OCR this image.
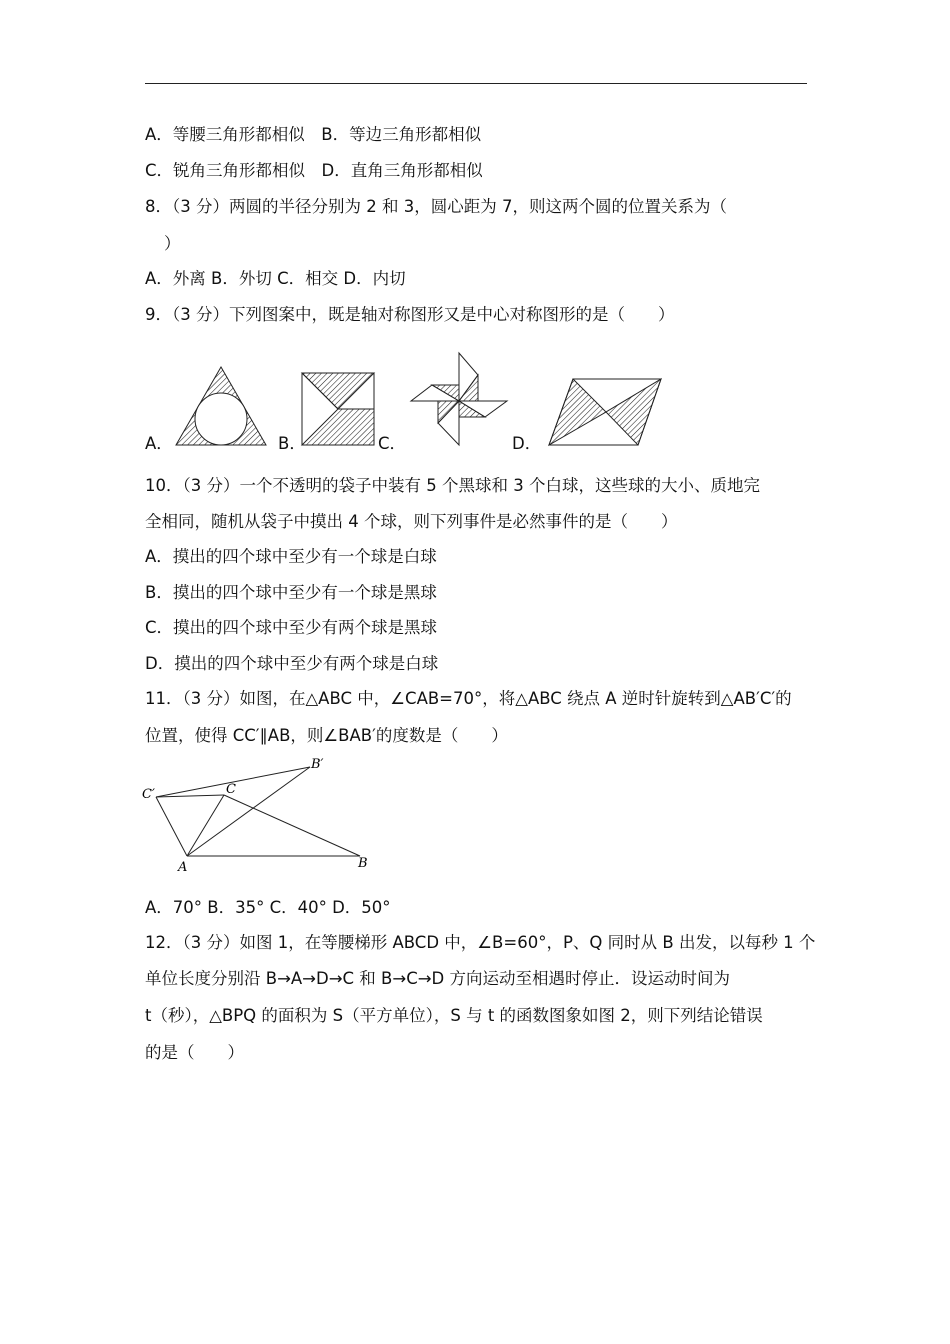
A．等腰三角形都相似　B．等边三角形都相似
C．锐角三角形都相似　D．直角三角形都相似
8．（3 分）两圆的半径分别为 2 和 3，圆心距为 7，则这两个圆的位置关系为（
）
A．外离 B．外切 C．相交 D．内切
9．（3 分）下列图案中，既是轴对称图形又是中心对称图形的是（　　）
A．	B．	C．	D．
10．（3 分）一个不透明的袋子中装有 5 个黑球和 3 个白球，这些球的大小、质地完
全相同，随机从袋子中摸出 4 个球，则下列事件是必然事件的是（　　）
A．摸出的四个球中至少有一个球是白球
B．摸出的四个球中至少有一个球是黑球
C．摸出的四个球中至少有两个球是黑球
D．摸出的四个球中至少有两个球是白球
11．（3 分）如图，在△ABC 中，∠CAB=70°，将△ABC 绕点 A 逆时针旋转到△AB′C′的
位置，使得 CC′∥AB，则∠BAB′的度数是（　　）
B′
C′	C
A	B
A．70° B．35° C．40° D．50°
12．（3 分）如图 1，在等腰梯形 ABCD 中，∠B=60°，P、Q 同时从 B 出发，以每秒 1 个
单位长度分别沿 B→A→D→C 和 B→C→D 方向运动至相遇时停止．设运动时间为
t（秒），△BPQ 的面积为 S（平方单位），S 与 t 的函数图象如图 2，则下列结论错误
的是（　　）
